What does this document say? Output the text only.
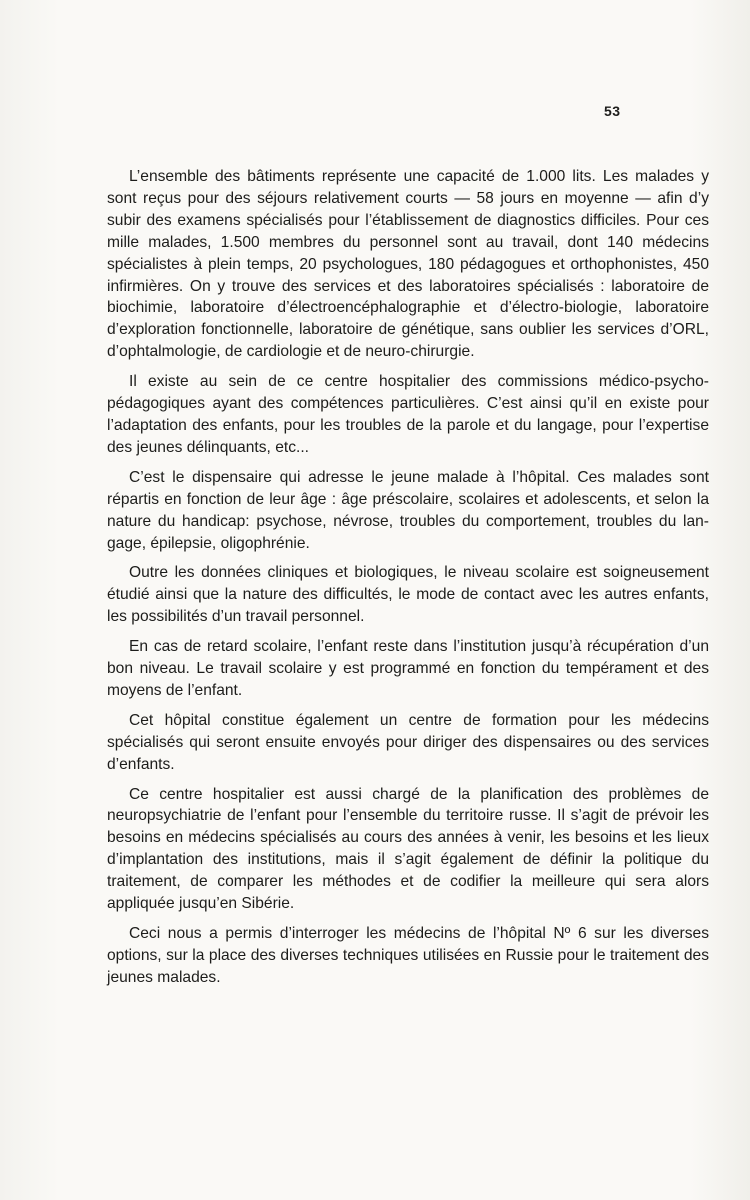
53

L’ensemble des bâtiments représente une capacité de 1.000 lits. Les malades y sont reçus pour des séjours relativement courts — 58 jours en moyenne — afin d’y subir des examens spécialisés pour l’établissement de diagnostics difficiles. Pour ces mille malades, 1.500 membres du personnel sont au travail, dont 140 médecins spécialistes à plein temps, 20 psychologues, 180 pédagogues et orthophonistes, 450 infirmières. On y trouve des services et des laboratoires spécialisés : laboratoire de biochimie, laboratoire d’électroencéphalographie et d’électro-biologie, laboratoire d’exploration fonctionnelle, laboratoire de génétique, sans oublier les services d’ORL, d’ophtalmologie, de cardiologie et de neuro-chirurgie.

Il existe au sein de ce centre hospitalier des commissions médico-psycho-pédagogiques ayant des compétences particulières. C’est ainsi qu’il en existe pour l’adaptation des enfants, pour les troubles de la parole et du langage, pour l’expertise des jeunes délinquants, etc...

C’est le dispensaire qui adresse le jeune malade à l’hôpital. Ces malades sont répartis en fonction de leur âge : âge préscolaire, scolaires et adolescents, et selon la nature du handicap: psychose, névrose, troubles du comportement, troubles du langage, épilepsie, oligophrénie.

Outre les données cliniques et biologiques, le niveau scolaire est soigneusement étudié ainsi que la nature des difficultés, le mode de contact avec les autres enfants, les possibilités d’un travail personnel.

En cas de retard scolaire, l’enfant reste dans l’institution jusqu’à récupération d’un bon niveau. Le travail scolaire y est programmé en fonction du tempérament et des moyens de l’enfant.

Cet hôpital constitue également un centre de formation pour les médecins spécialisés qui seront ensuite envoyés pour diriger des dispensaires ou des services d’enfants.

Ce centre hospitalier est aussi chargé de la planification des problèmes de neuropsychiatrie de l’enfant pour l’ensemble du territoire russe. Il s’agit de prévoir les besoins en médecins spécialisés au cours des années à venir, les besoins et les lieux d’implantation des institutions, mais il s’agit également de définir la politique du traitement, de comparer les méthodes et de codifier la meilleure qui sera alors appliquée jusqu’en Sibérie.

Ceci nous a permis d’interroger les médecins de l’hôpital Nº 6 sur les diverses options, sur la place des diverses techniques utilisées en Russie pour le traitement des jeunes malades.
